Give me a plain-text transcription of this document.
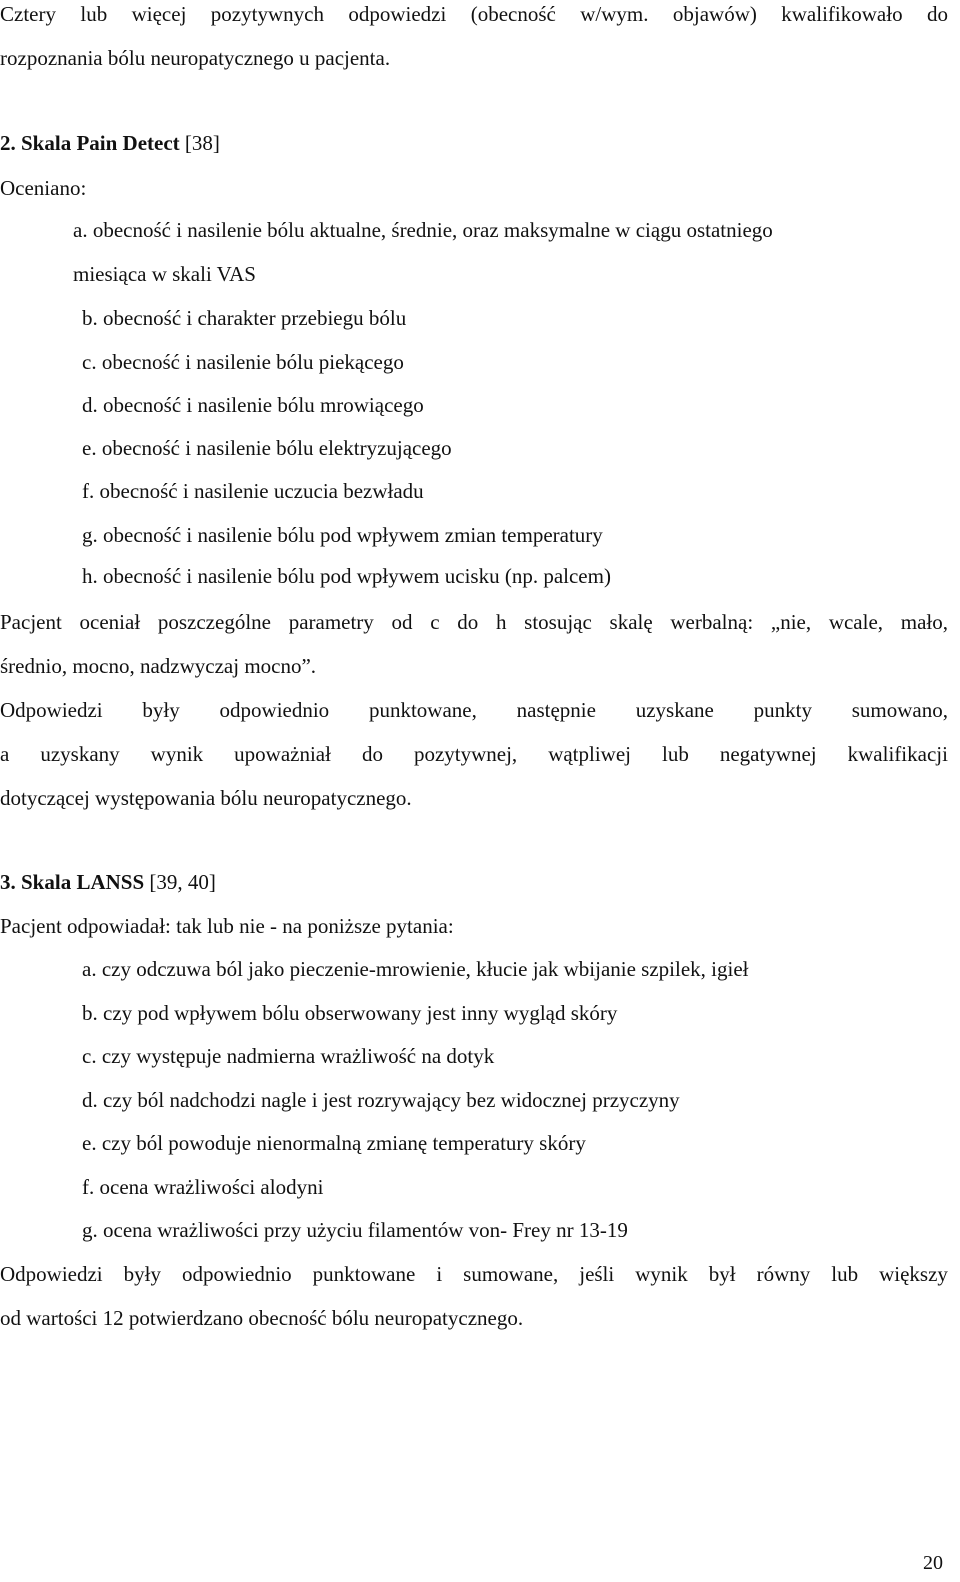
Cztery lub więcej pozytywnych odpowiedzi (obecność w/wym. objawów) kwalifikowało do
rozpoznania bólu neuropatycznego u pacjenta.
2. Skala Pain Detect [38]
Oceniano:
a. obecność i nasilenie bólu aktualne, średnie, oraz maksymalne w ciągu ostatniego
miesiąca w skali VAS
b. obecność i charakter przebiegu bólu
c. obecność i nasilenie bólu piekącego
d. obecność i nasilenie bólu mrowiącego
e. obecność i nasilenie bólu elektryzującego
f. obecność i nasilenie uczucia bezwładu
g. obecność i nasilenie bólu pod wpływem zmian temperatury
h. obecność i nasilenie bólu pod wpływem ucisku (np. palcem)
Pacjent oceniał poszczególne parametry od c do h stosując skalę werbalną: „nie, wcale, mało,
średnio, mocno, nadzwyczaj mocno”.
Odpowiedzi były odpowiednio punktowane, następnie uzyskane punkty sumowano,
a uzyskany wynik upoważniał do pozytywnej, wątpliwej lub negatywnej kwalifikacji
dotyczącej występowania bólu neuropatycznego.
3. Skala LANSS [39, 40]
Pacjent odpowiadał: tak lub nie - na poniższe pytania:
a. czy odczuwa ból jako pieczenie-mrowienie, kłucie jak wbijanie szpilek, igieł
b. czy pod wpływem bólu obserwowany jest inny wygląd skóry
c. czy występuje nadmierna wrażliwość na dotyk
d. czy ból nadchodzi nagle i jest rozrywający bez widocznej przyczyny
e. czy ból powoduje nienormalną zmianę temperatury skóry
f. ocena wrażliwości alodyni
g. ocena wrażliwości przy użyciu filamentów von- Frey nr 13-19
Odpowiedzi były odpowiednio punktowane i sumowane, jeśli wynik był równy lub większy
od wartości 12 potwierdzano obecność bólu neuropatycznego.
20
